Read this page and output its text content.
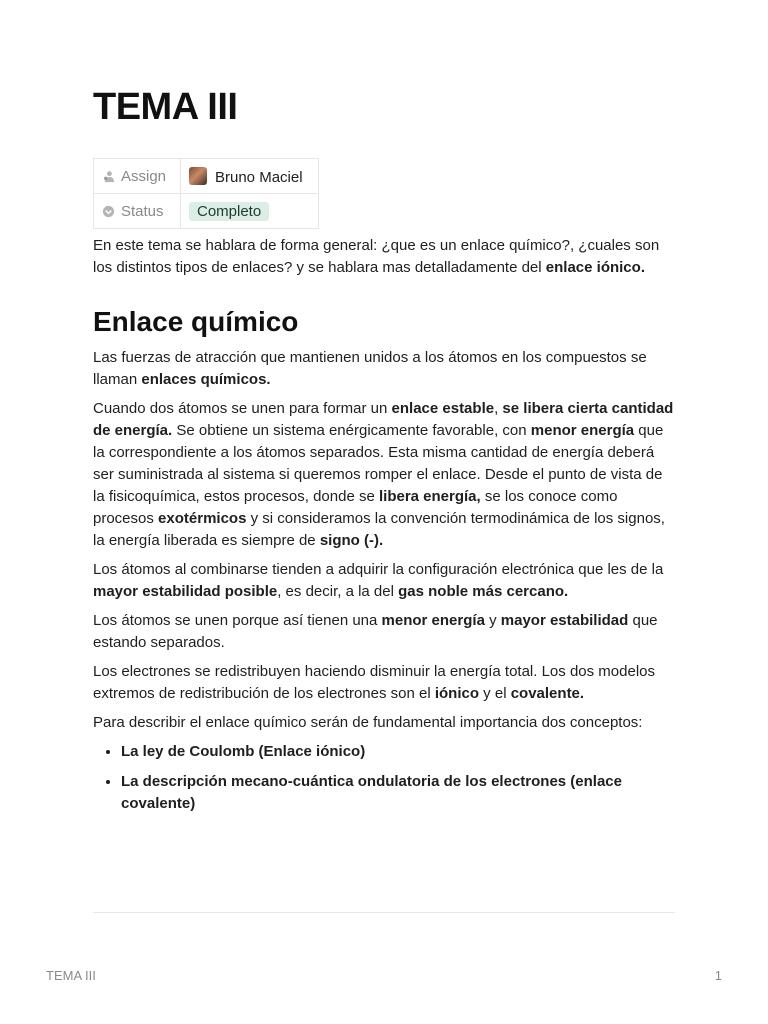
TEMA III
Assign	Bruno Maciel
Status	Completo

En este tema se hablara de forma general: ¿que es un enlace químico?, ¿cuales son los distintos tipos de enlaces? y se hablara mas detalladamente del enlace iónico.

Enlace químico

Las fuerzas de atracción que mantienen unidos a los átomos en los compuestos se llaman enlaces químicos.

Cuando dos átomos se unen para formar un enlace estable, se libera cierta cantidad de energía. Se obtiene un sistema enérgicamente favorable, con menor energía que la correspondiente a los átomos separados. Esta misma cantidad de energía deberá ser suministrada al sistema si queremos romper el enlace. Desde el punto de vista de la fisicoquímica, estos procesos, donde se libera energía, se los conoce como procesos exotérmicos y si consideramos la convención termodinámica de los signos, la energía liberada es siempre de signo (-).

Los átomos al combinarse tienden a adquirir la configuración electrónica que les de la mayor estabilidad posible, es decir, a la del gas noble más cercano.

Los átomos se unen porque así tienen una menor energía y mayor estabilidad que estando separados.

Los electrones se redistribuyen haciendo disminuir la energía total. Los dos modelos extremos de redistribución de los electrones son el iónico y el covalente.

Para describir el enlace químico serán de fundamental importancia dos conceptos:

• La ley de Coulomb (Enlace iónico)
• La descripción mecano-cuántica ondulatoria de los electrones (enlace covalente)
TEMA III	1
